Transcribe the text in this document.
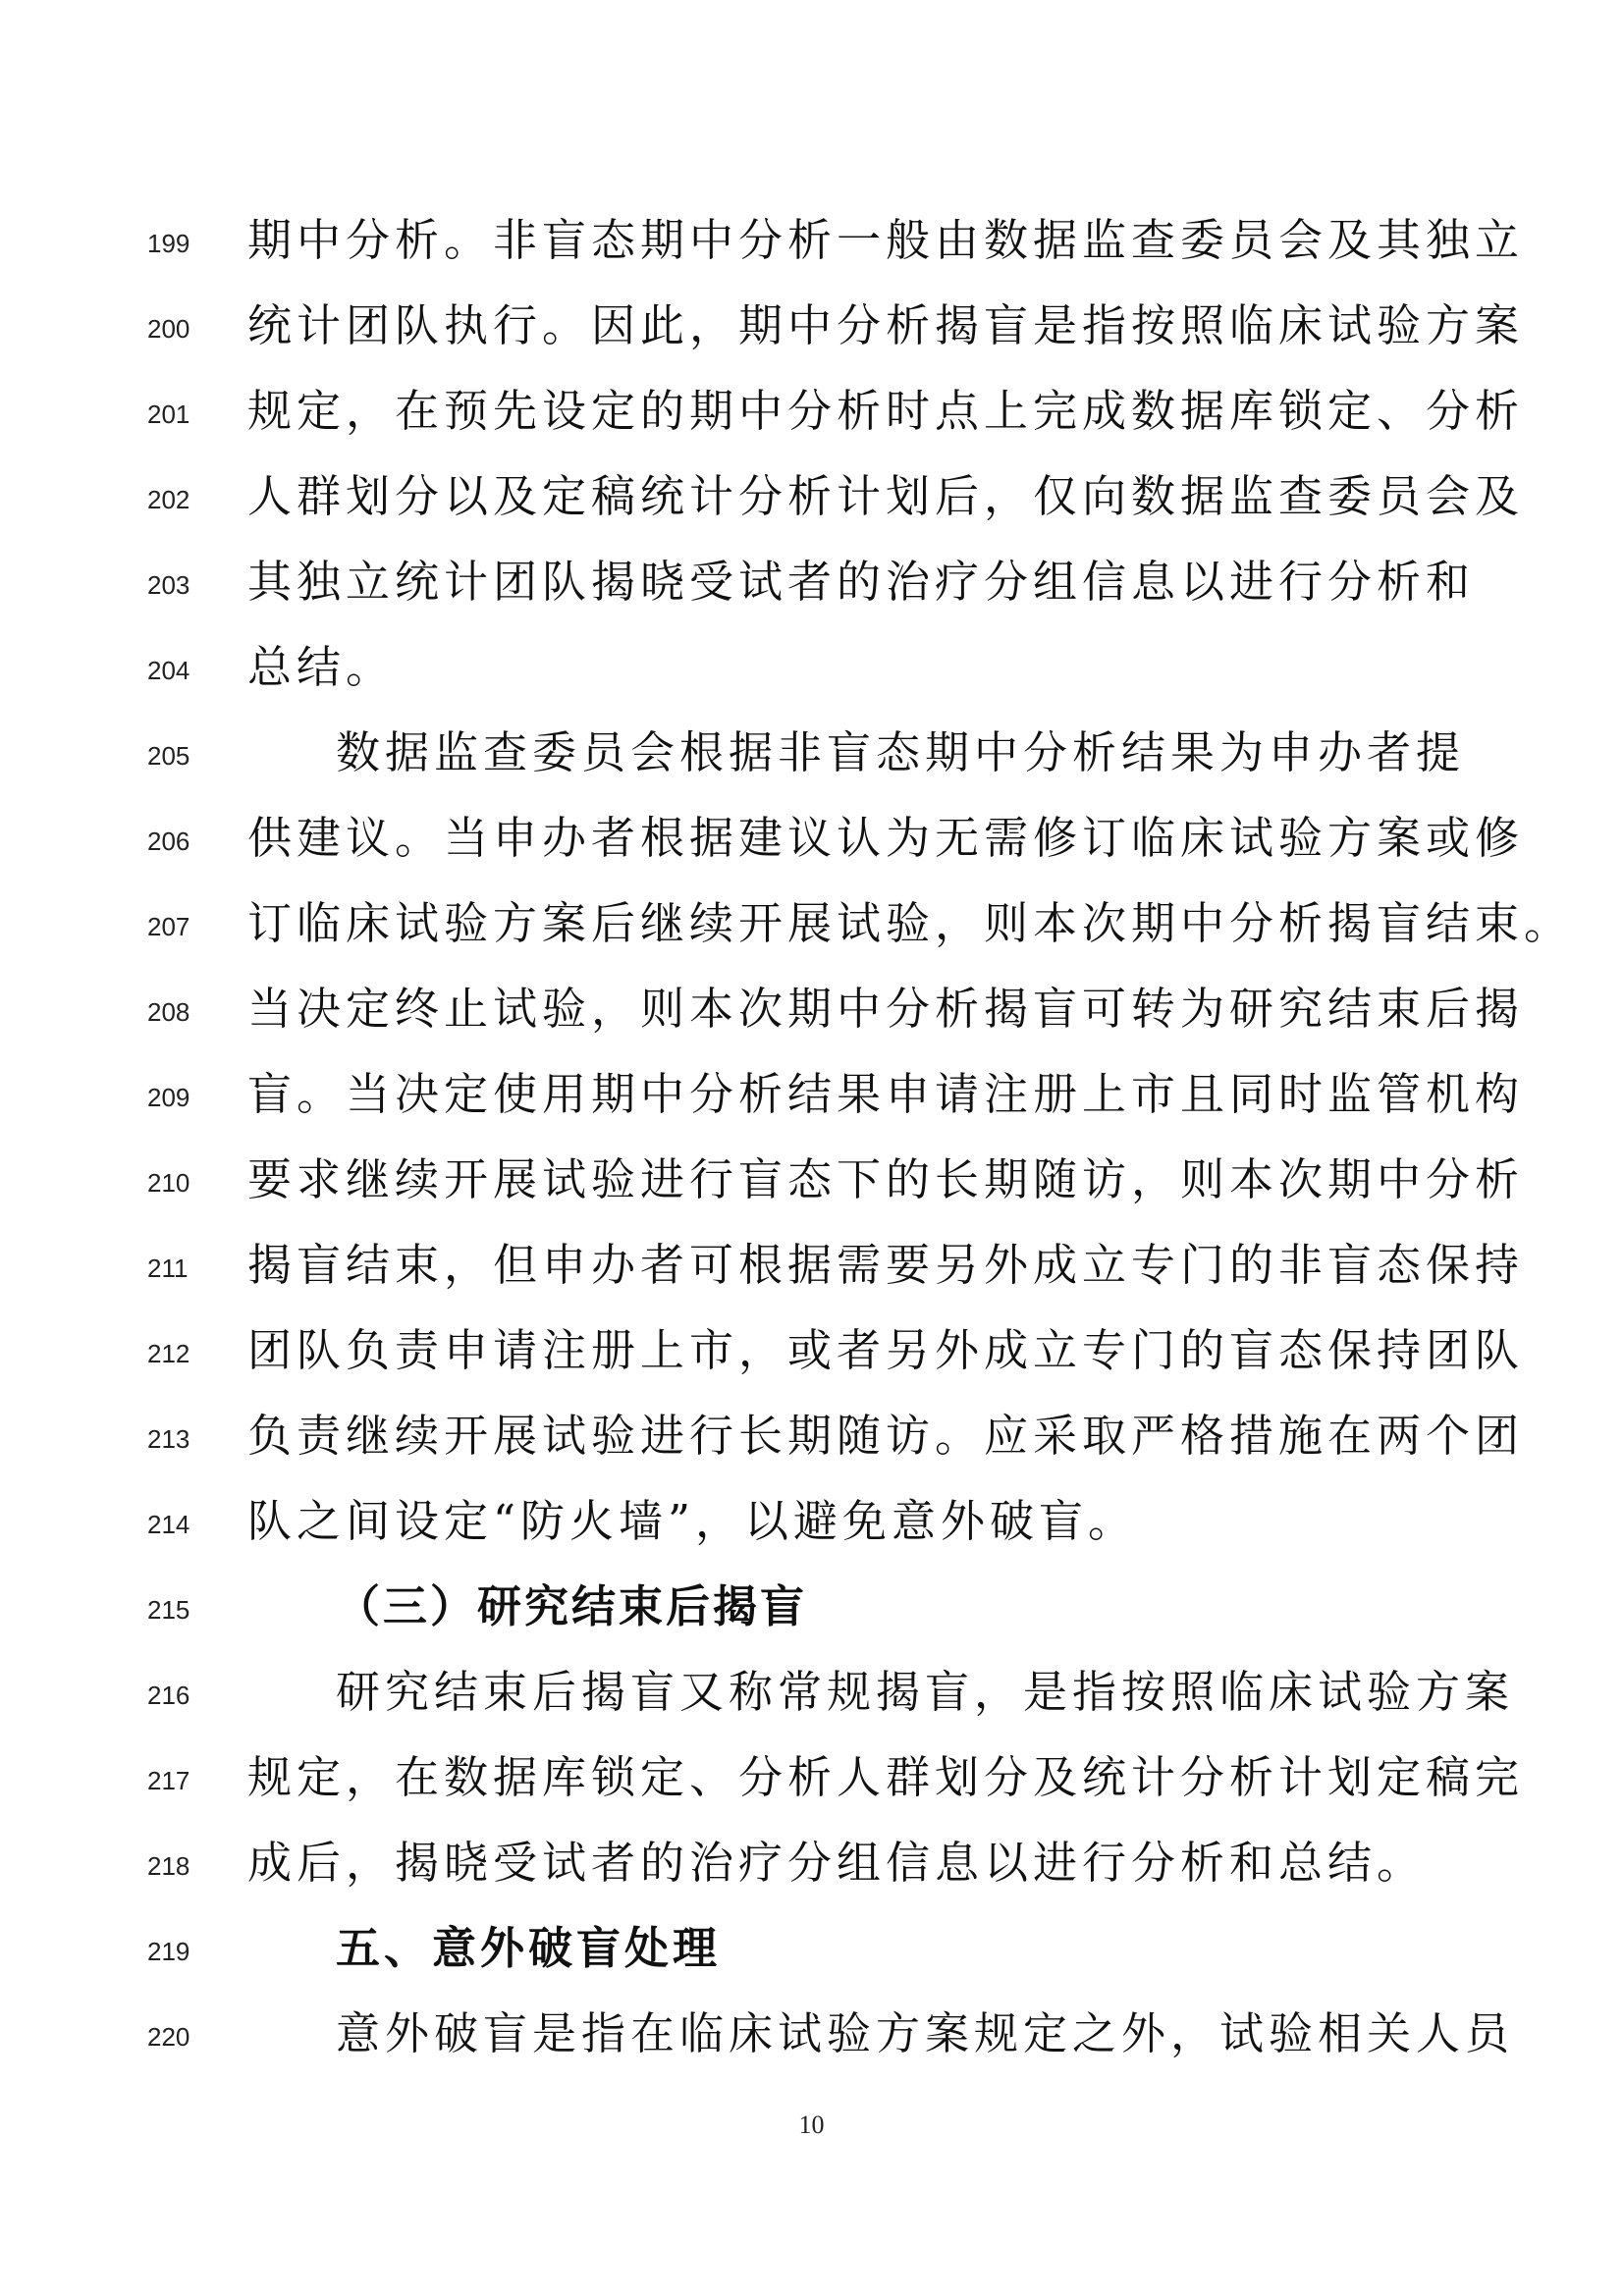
199	期中分析。非盲态期中分析一般由数据监查委员会及其独立
200	统计团队执行。因此，期中分析揭盲是指按照临床试验方案
201	规定，在预先设定的期中分析时点上完成数据库锁定、分析
202	人群划分以及定稿统计分析计划后，仅向数据监查委员会及
203	其独立统计团队揭晓受试者的治疗分组信息以进行分析和
204	总结。
205	数据监查委员会根据非盲态期中分析结果为申办者提
206	供建议。当申办者根据建议认为无需修订临床试验方案或修
207	订临床试验方案后继续开展试验，则本次期中分析揭盲结束。
208	当决定终止试验，则本次期中分析揭盲可转为研究结束后揭
209	盲。当决定使用期中分析结果申请注册上市且同时监管机构
210	要求继续开展试验进行盲态下的长期随访，则本次期中分析
211	揭盲结束，但申办者可根据需要另外成立专门的非盲态保持
212	团队负责申请注册上市，或者另外成立专门的盲态保持团队
213	负责继续开展试验进行长期随访。应采取严格措施在两个团
214	队之间设定“防火墙”，以避免意外破盲。
215	（三）研究结束后揭盲
216	研究结束后揭盲又称常规揭盲，是指按照临床试验方案
217	规定，在数据库锁定、分析人群划分及统计分析计划定稿完
218	成后，揭晓受试者的治疗分组信息以进行分析和总结。
219	五、意外破盲处理
220	意外破盲是指在临床试验方案规定之外，试验相关人员
10
